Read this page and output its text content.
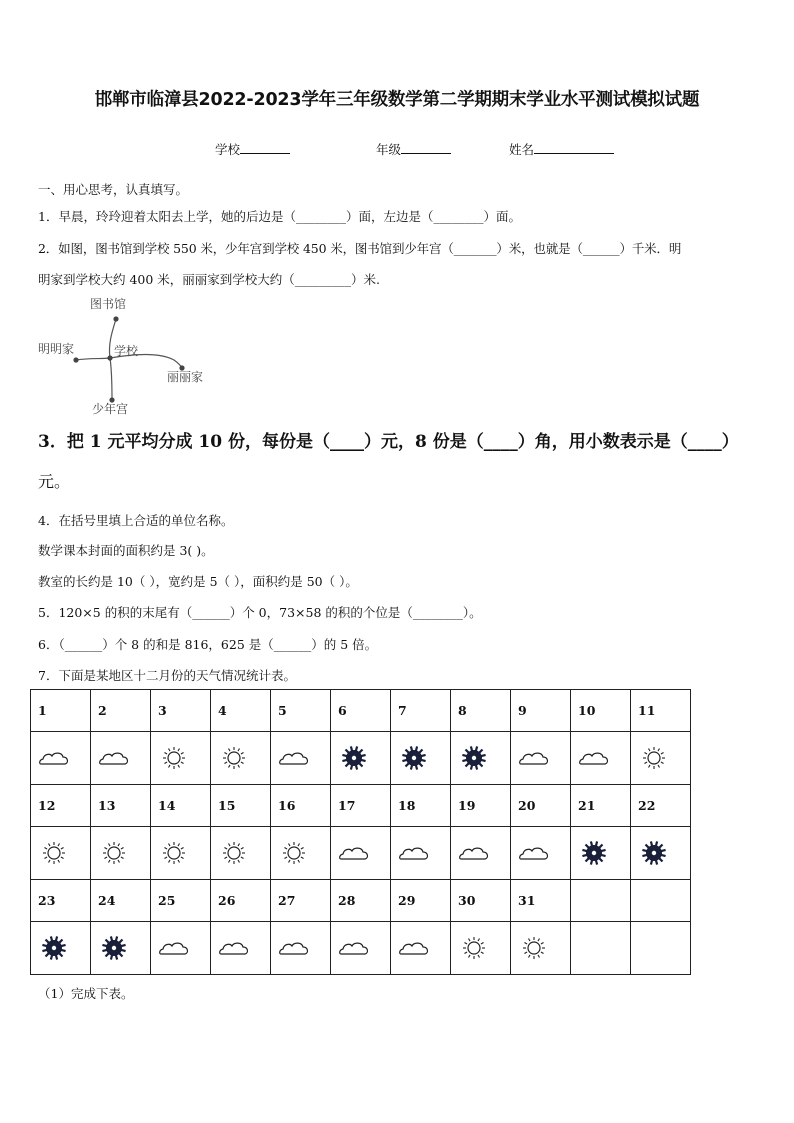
邯郸市临漳县2022-2023学年三年级数学第二学期期末学业水平测试模拟试题
学校	年级	姓名
一、用心思考，认真填写。
1．早晨，玲玲迎着太阳去上学，她的后边是（________）面，左边是（________）面。
2．如图，图书馆到学校 550 米，少年宫到学校 450 米，图书馆到少年宫（_______）米，也就是（______）千米．明
明家到学校大约 400 米，丽丽家到学校大约（_________）米.
图书馆
明明家	学校
丽丽家
少年宫
3．把 1 元平均分成 10 份，每份是（____）元，8 份是（____）角，用小数表示是（____）
元。
4．在括号里填上合适的单位名称。
数学课本封面的面积约是 3( )。
教室的长约是 10（ ），宽约是 5（ ），面积约是 50（ ）。
5．120×5 的积的末尾有（______）个 0，73×58 的积的个位是（________）。
6．（______）个 8 的和是 816，625 是（______）的 5 倍。
7．下面是某地区十二月份的天气情况统计表。
1	2	3	4	5	6	7	8	9	10	11

12	13	14	15	16	17	18	19	20	21	22

23	24	25	26	27	28	29	30	31		

（1）完成下表。
